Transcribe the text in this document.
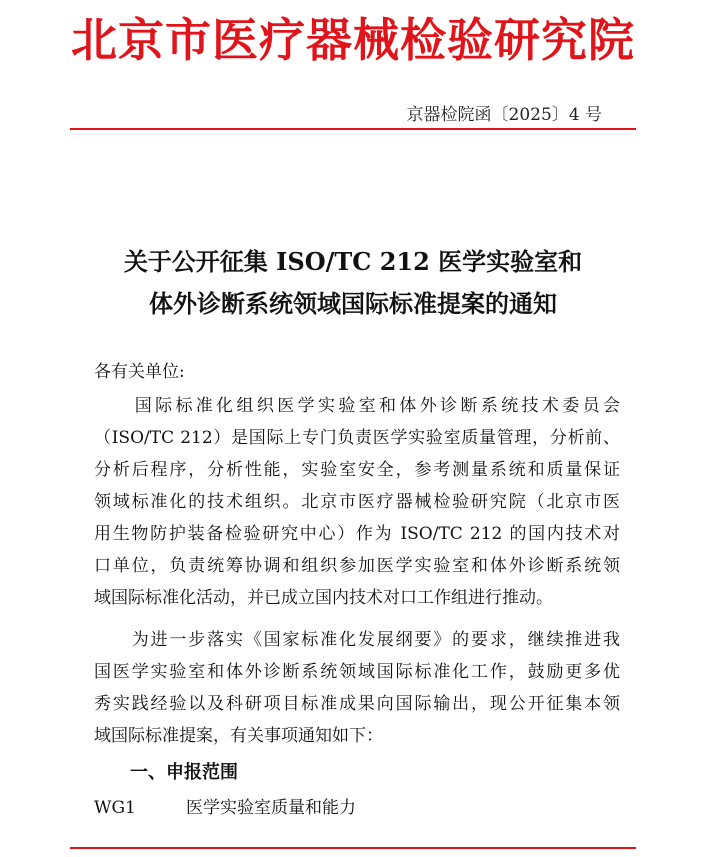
北京市医疗器械检验研究院
京器检院函〔2025〕4 号
关于公开征集 ISO/TC 212 医学实验室和
体外诊断系统领域国际标准提案的通知
各有关单位:
　　国际标准化组织医学实验室和体外诊断系统技术委员会
（ISO/TC 212）是国际上专门负责医学实验室质量管理，分析前、
分析后程序，分析性能，实验室安全，参考测量系统和质量保证
领域标准化的技术组织。北京市医疗器械检验研究院（北京市医
用生物防护装备检验研究中心）作为 ISO/TC 212 的国内技术对
口单位，负责统筹协调和组织参加医学实验室和体外诊断系统领
域国际标准化活动，并已成立国内技术对口工作组进行推动。
　　为进一步落实《国家标准化发展纲要》的要求，继续推进我
国医学实验室和体外诊断系统领域国际标准化工作，鼓励更多优
秀实践经验以及科研项目标准成果向国际输出，现公开征集本领
域国际标准提案，有关事项通知如下：
一、申报范围
WG1	医学实验室质量和能力
